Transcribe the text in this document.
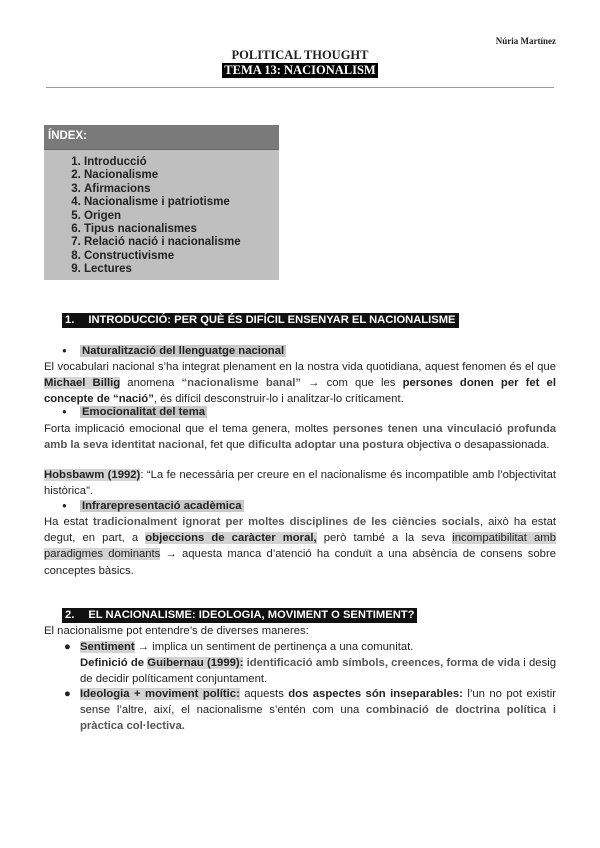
Núria Martínez
POLITICAL THOUGHT
TEMA 13: NACIONALISM
ÍNDEX:
1. Introducció
2. Nacionalisme
3. Afirmacions
4. Nacionalisme i patriotisme
5. Origen
6. Tipus nacionalismes
7. Relació nació i nacionalisme
8. Constructivisme
9. Lectures
1. INTRODUCCIÓ: PER QUÈ ÉS DIFÍCIL ENSENYAR EL NACIONALISME
● Naturalització del llenguatge nacional

El vocabulari nacional s’ha integrat plenament en la nostra vida quotidiana, aquest fenomen és el que Michael Billig anomena “nacionalisme banal” → com que les persones donen per fet el concepte de “nació”, és difícil desconstruir-lo i analitzar-lo críticament.

● Emocionalitat del tema

Forta implicació emocional que el tema genera, moltes persones tenen una vinculació profunda amb la seva identitat nacional, fet que dificulta adoptar una postura objectiva o desapassionada.

Hobsbawm (1992): “La fe necessària per creure en el nacionalisme és incompatible amb l’objectivitat històrica”.

● Infrarepresentació acadèmica

Ha estat tradicionalment ignorat per moltes disciplines de les ciències socials, això ha estat degut, en part, a objeccions de caràcter moral, però també a la seva incompatibilitat amb paradigmes dominants → aquesta manca d’atenció ha conduït a una absència de consens sobre conceptes bàsics.

2. EL NACIONALISME: IDEOLOGIA, MOVIMENT O SENTIMENT?

El nacionalisme pot entendre’s de diverses maneres:

● Sentiment → implica un sentiment de pertinença a una comunitat.
Definició de Guibernau (1999): identificació amb símbols, creences, forma de vida i desig de decidir políticament conjuntament.

● Ideologia + moviment polític: aquests dos aspectes són inseparables: l’un no pot existir sense l’altre, així, el nacionalisme s’entén com una combinació de doctrina política i pràctica col·lectiva.
